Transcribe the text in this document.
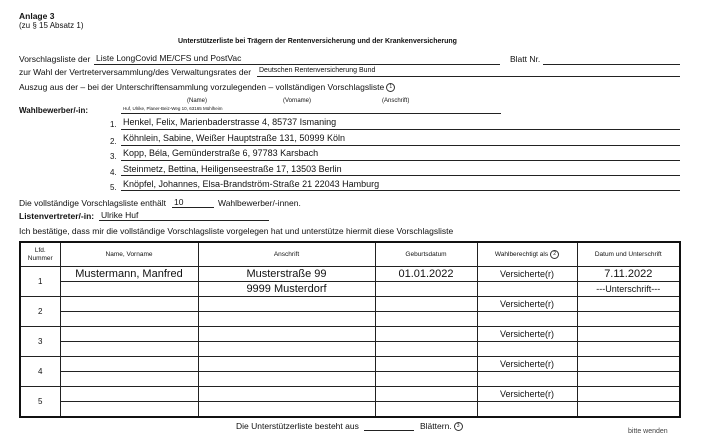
Anlage 3
(zu § 15 Absatz 1)
Unterstützerliste bei Trägern der Rentenversicherung und der Krankenversicherung
Vorschlagsliste der Liste LongCovid ME/CFS und PostVac	Blatt Nr.
zur Wahl der Vertreterversammlung/des Verwaltungsrates der Deutschen Rentenversicherung Bund
Auszug aus der – bei der Unterschriftensammlung vorzulegenden – vollständigen Vorschlagsliste 1
(Name)	(Vorname)	(Anschrift)
Wahlbewerber/-in:	Huf, Ulrike, Planer-Beiz-Weg 10, 63165 Mühlheim
1. Henkel, Felix, Marienbaderstrasse 4, 85737 Ismaning
2. Köhnlein, Sabine, Weißer Hauptstraße 131, 50999 Köln
3. Kopp, Béla, Gemünderstraße 6, 97783 Karsbach
4. Steinmetz, Bettina, Heiligenseestraße 17, 13503 Berlin
5. Knöpfel, Johannes, Elsa-Brandström-Straße 21 22043 Hamburg
Die vollständige Vorschlagsliste enthält 10	Wahlbewerber/-innen.
Listenvertreter/-in: Ulrike Huf
Ich bestätige, dass mir die vollständige Vorschlagsliste vorgelegen hat und unterstütze hiermit diese Vorschlagsliste
Lfd.
Nummer	Name, Vorname	Anschrift	Geburtsdatum	Wahlberechtigt als 2	Datum und Unterschrift
1	Mustermann, Manfred	Musterstraße 99	01.01.2022	Versicherte(r)	7.11.2022
		9999 Musterdorf			---Unterschrift---
2				Versicherte(r)	

3				Versicherte(r)	

4				Versicherte(r)	

5				Versicherte(r)	

Die Unterstützerliste besteht aus	Blättern. 3
bitte wenden
